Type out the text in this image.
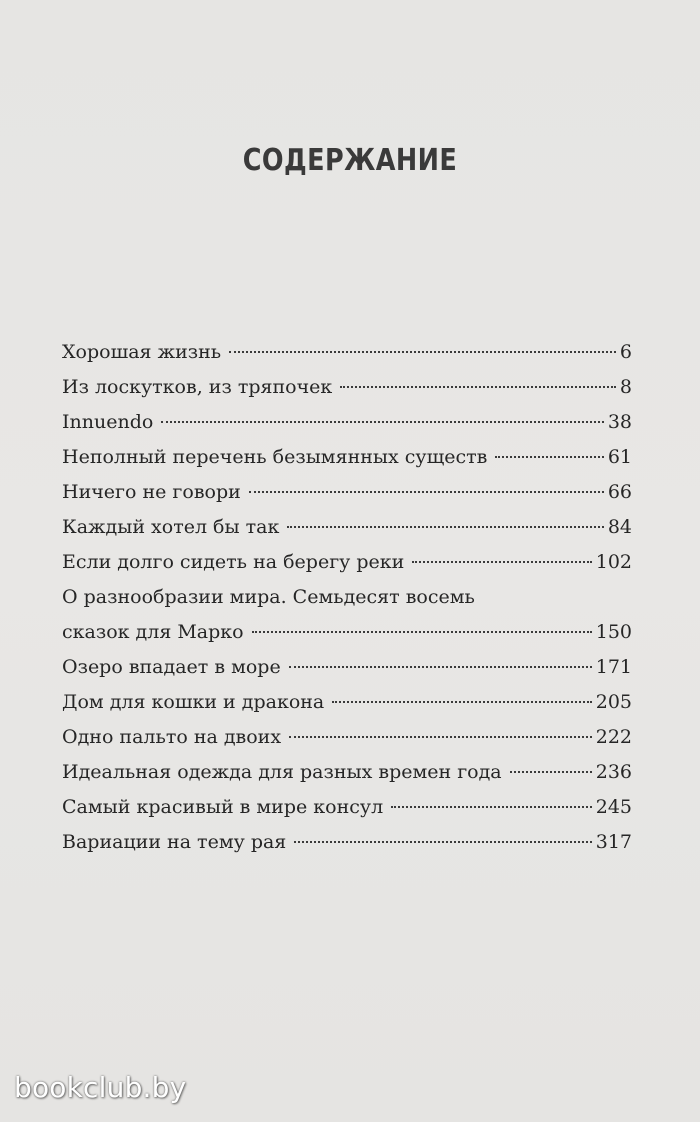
СОДЕРЖАНИЕ
Хорошая жизнь	6
Из лоскутков, из тряпочек	8
Innuendo	38
Неполный перечень безымянных существ	61
Ничего не говори	66
Каждый хотел бы так	84
Если долго сидеть на берегу реки	102
О разнообразии мира. Семьдесят восемь
сказок для Марко	150
Озеро впадает в море	171
Дом для кошки и дракона	205
Одно пальто на двоих	222
Идеальная одежда для разных времен года	236
Самый красивый в мире консул	245
Вариации на тему рая	317
bookclub.by
